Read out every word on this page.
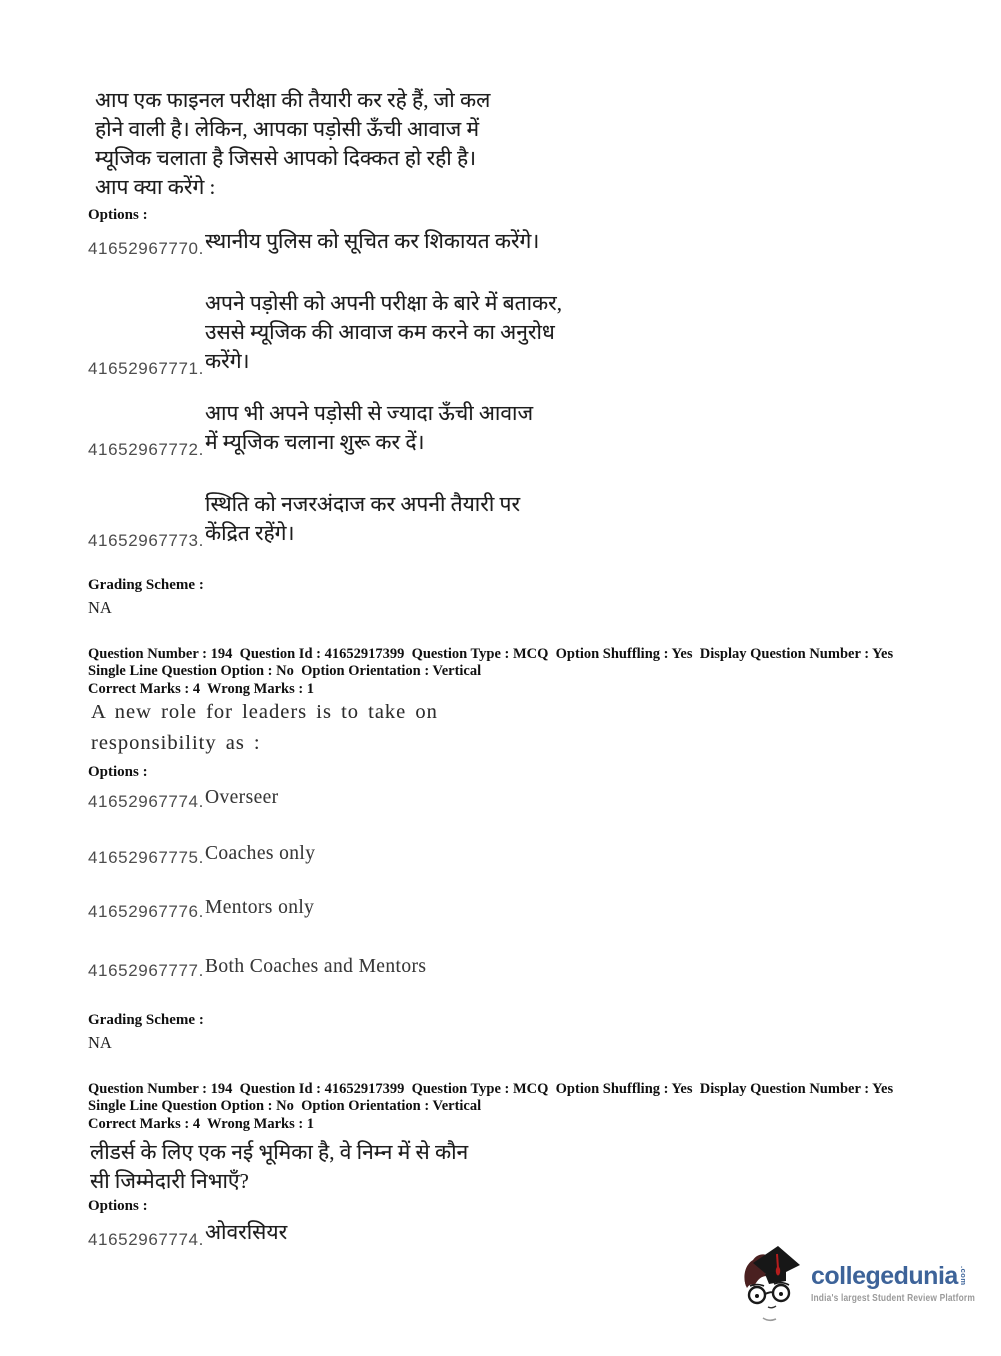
आप एक फाइनल परीक्षा की तैयारी कर रहे हैं, जो कल
होने वाली है। लेकिन, आपका पड़ोसी ऊँची आवाज में
म्यूजिक चलाता है जिससे आपको दिक्कत हो रही है।
आप क्या करेंगे :
Options :
41652967770. स्थानीय पुलिस को सूचित कर शिकायत करेंगे।
41652967771.
अपने पड़ोसी को अपनी परीक्षा के बारे में बताकर,
उससे म्यूजिक की आवाज कम करने का अनुरोध
करेंगे।
41652967772.
आप भी अपने पड़ोसी से ज्यादा ऊँची आवाज
में म्यूजिक चलाना शुरू कर दें।
41652967773.
स्थिति को नजरअंदाज कर अपनी तैयारी पर
केंद्रित रहेंगे।
Grading Scheme :
NA
Question Number : 194  Question Id : 41652917399  Question Type : MCQ  Option Shuffling : Yes  Display Question Number : Yes
Single Line Question Option : No  Option Orientation : Vertical
Correct Marks : 4  Wrong Marks : 1
A new role for leaders is to take on
responsibility as :
Options :
41652967774. Overseer
41652967775. Coaches only
41652967776. Mentors only
41652967777. Both Coaches and Mentors
Grading Scheme :
NA
Question Number : 194  Question Id : 41652917399  Question Type : MCQ  Option Shuffling : Yes  Display Question Number : Yes
Single Line Question Option : No  Option Orientation : Vertical
Correct Marks : 4  Wrong Marks : 1
लीडर्स के लिए एक नई भूमिका है, वे निम्न में से कौन
सी जिम्मेदारी निभाएँ?
Options :
41652967774. ओवरसियर
collegedunia .com
India's largest Student Review Platform
